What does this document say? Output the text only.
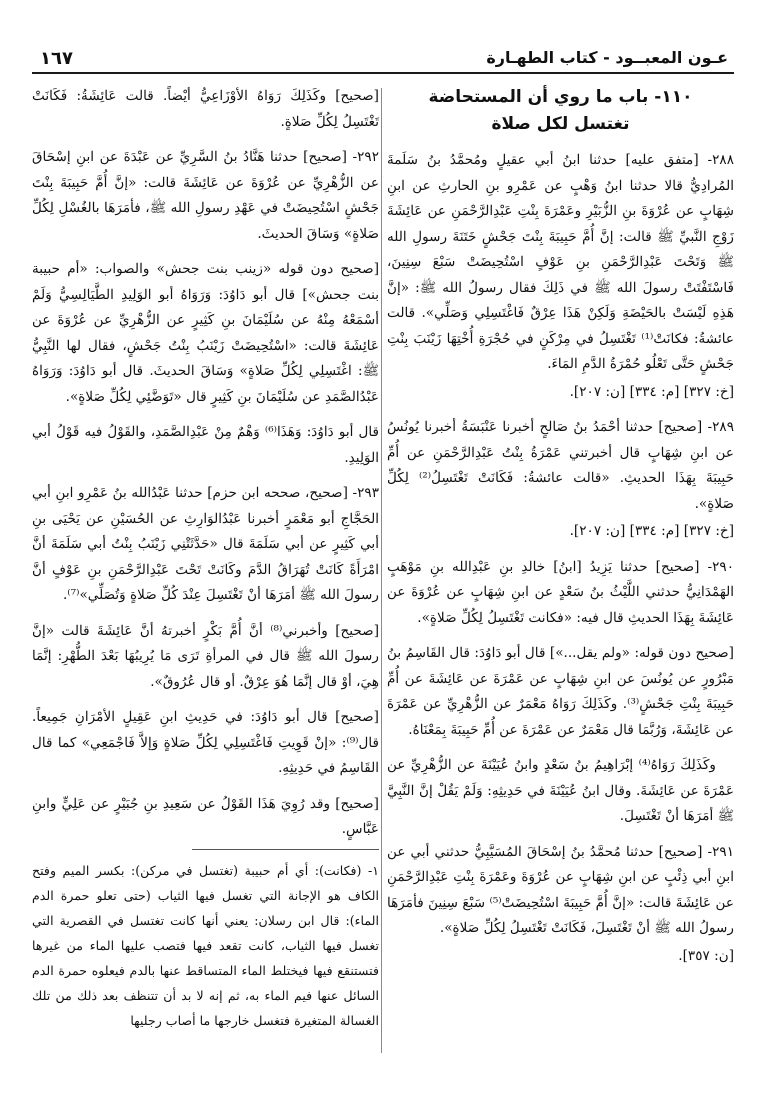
١٦٧	عـون المعبــود - كتاب الطهـارة
١١٠- باب ما روي أن المستحاضة تغتسل لكل صلاة

٢٨٨- [متفق عليه] حدثنا ابنُ أبي عقيلٍ ومُحمَّدُ بنُ سَلَمةَ المُرادِيُّ قالا حدثنا ابنُ وَهْبٍ عن عَمْرِو بنِ الحارثِ عن ابنِ شِهَابٍ عن عُرْوَةَ بنِ الزُّبَيْرِ وعَمْرَةَ بِنْتِ عَبْدِالرَّحْمَنِ عن عَائِشَةَ زَوْجِ النَّبيِّ ﷺ قالت: إنَّ أُمَّ حَبِيبَةَ بِنْتَ جَحْشٍ خَتَنَةَ رسولِ الله ﷺ وَتَحْتَ عَبْدِالرَّحْمَنِ بنِ عَوْفٍ اسْتُحِيضَتْ سَبْعَ سِنِينَ، فَاسْتَفْتَتْ رسولَ الله ﷺ في ذَلِكَ فقال رسولُ الله ﷺ: «إنَّ هَذِهِ لَيْسَتْ بالحَيْضَةِ وَلَكِنْ هَذَا عِرْقٌ فَاغْتَسِلِي وَصَلِّي». قالت عائشةُ: فكانَتْ⁽¹⁾ تَغْتَسِلُ في مِرْكَنٍ في حُجْرَةِ أُخْتِهَا زَيْنَبَ بِنْتِ جَحْشٍ حَتَّى تَعْلُو حُمْرَةُ الدَّمِ المَاءَ.

[خ: ٣٢٧] [م: ٣٣٤] [ن: ٢٠٧].

٢٨٩- [صحيح] حدثنا أحْمَدُ بنُ صَالحٍ أخبرنا عَنْبَسَةُ أخبرنا يُونُسُ عن ابنِ شِهَابٍ قال أخبرتني عَمْرَةُ بِنْتُ عَبْدِالرَّحْمَنِ عن أُمِّ حَبِيبَةَ بِهَذَا الحديثِ. «قالت عائشةُ: فَكَانَتْ تَغْتَسِلُ⁽²⁾ لِكُلِّ صَلاةٍ».

[خ: ٣٢٧] [م: ٣٣٤] [ن: ٢٠٧].

٢٩٠- [صحيح] حدثنا يَزِيدُ [ابنُ] خالدِ بنِ عَبْدِالله بنِ مَوْهَبٍ الهَمْدَانِيُّ حدثني اللَّيْثُ بنُ سَعْدٍ عن ابنِ شِهَابٍ عن عُرْوَةَ عن عَائِشَةَ بِهَذَا الحديثِ قال فيه: «فكانت تَغْتَسِلُ لِكُلِّ صَلاةٍ».

[صحيح دون قوله: «ولم يقل...»] قال أبو دَاوُدَ: قال القَاسِمُ بنُ مَبْرُورٍ عن يُونُسَ عن ابنِ شِهَابٍ عن عَمْرَةَ عن عَائِشَةَ عن أُمِّ حَبِيبَةَ بِنْتِ جَحْشٍ⁽³⁾. وكَذَلِكَ رَوَاهُ مَعْمَرٌ عن الزُّهْرِيِّ عن عَمْرَةَ عن عَائِشَةَ، وَرُبَّمَا قال مَعْمَرٌ عن عَمْرَةَ عن أُمِّ حَبِيبَةَ بِمَعْنَاهُ.

وكَذَلِكَ رَوَاهُ⁽⁴⁾ إبْرَاهِيمُ بنُ سَعْدٍ وابنُ عُيَيْنَةَ عن الزُّهْرِيِّ عن عَمْرَةَ عن عَائِشَةَ. وقال ابنُ عُيَيْنَةَ في حَدِيثِهِ: وَلَمْ يَقُلْ إنَّ النَّبِيَّ ﷺ أمَرَهَا أنْ تَغْتَسِلَ.

٢٩١- [صحيح] حدثنا مُحمَّدُ بنُ إسْحَاقَ المُسَيَّبِيُّ حدثني أبي عن ابنِ أبي ذِئْبٍ عن ابنِ شِهَابٍ عن عُرْوَةَ وعَمْرَةَ بِنْتِ عَبْدِالرَّحْمَنِ عن عَائِشَةَ قالت: «إنَّ أُمَّ حَبِيبَةَ اسْتُحِيضَتْ⁽⁵⁾ سَبْعَ سِنِينَ فأمَرَهَا رسولُ الله ﷺ أنْ تَغْتَسِلَ، فَكَانَتْ تَغْتَسِلُ لِكُلِّ صَلاةٍ».

[ن: ٣٥٧].

[صحيح] وكَذَلِكَ رَوَاهُ الأوْزَاعِيُّ أيْضاً. قالت عَائِشَةُ: فَكَانَتْ تَغْتَسِلُ لِكُلِّ صَلاةٍ.

٢٩٢- [صحيح] حدثنا هَنَّادُ بنُ السَّرِيِّ عن عَبْدَةَ عن ابنِ إسْحَاقَ عن الزُّهْرِيِّ عن عُرْوَةَ عن عَائِشَةَ قالت: «إنَّ أُمَّ حَبِيبَةَ بِنْتَ جَحْشٍ اسْتُحِيضَتْ في عَهْدِ رسولِ الله ﷺ، فأمَرَهَا بالغُسْلِ لِكُلِّ صَلاةٍ» وَسَاقَ الحديثَ.

[صحيح دون قوله «زينب بنت جحش» والصواب: «أم حبيبة بنت جحش»] قال أبو دَاوُدَ: وَرَوَاهُ أبو الوَلِيدِ الطَّيَالِسِيُّ وَلَمْ أسْمَعْهُ مِنْهُ عن سُلَيْمَانَ بنِ كَثِيرٍ عن الزُّهْرِيِّ عن عُرْوَةَ عن عَائِشَةَ قالت: «اسْتُحِيضَتْ زَيْنَبُ بِنْتُ جَحْشٍ، فقال لها النَّبِيُّ ﷺ: اغْتَسِلِي لِكُلِّ صَلاةٍ» وَسَاقَ الحديثَ. قال أبو دَاوُدَ: وَرَوَاهُ عَبْدُالصَّمَدِ عن سُلَيْمَانَ بنِ كَثِيرٍ قال «تَوَضَّئِي لِكُلِّ صَلاةٍ».

قال أبو دَاوُدَ: وَهَذَا⁽⁶⁾ وَهْمٌ مِنْ عَبْدِالصَّمَدِ، والقَوْلُ فيه قَوْلُ أبي الوَلِيدِ.

٢٩٣- [صحيح، صححه ابن حزم] حدثنا عَبْدُالله بنُ عَمْرِو ابنِ أبي الحَجَّاجِ أبو مَعْمَرٍ أخبرنا عَبْدُالوَارِثِ عن الحُسَيْنِ عن يَحْيَى بنِ أبي كَثِيرٍ عن أبي سَلَمَةَ قال «حَدَّثَتْنِي زَيْنَبُ بِنْتُ أبي سَلَمَةَ أنَّ امْرَأَةً كَانَتْ تُهَرَاقُ الدَّمَ وكَانَتْ تَحْتَ عَبْدِالرَّحْمَنِ بنِ عَوْفٍ أنَّ رسولَ الله ﷺ أمَرَهَا أنْ تَغْتَسِلَ عِنْدَ كُلِّ صَلاةٍ وَتُصَلِّي»⁽⁷⁾.

[صحيح] وأخبرني⁽⁸⁾ أنَّ أُمَّ بَكْرٍ أخبرتهُ أنَّ عَائِشَةَ قالت «إنَّ رسولَ الله ﷺ قال في المرأةِ تَرَى مَا يُرِيبُهَا بَعْدَ الطُّهْرِ: إنَّمَا هِيَ، أوْ قال إنَّمَا هُوَ عِرْقٌ. أو قال عُرُوقٌ».

[صحيح] قال أبو دَاوُدَ: في حَدِيثِ ابنِ عَقِيلٍ الأمْرَانِ جَمِيعاً. قال⁽⁹⁾: «إنْ قَوِيتِ فَاغْتَسِلِي لِكُلِّ صَلاةٍ وَإلاَّ فَاجْمَعِي» كما قال القَاسِمُ في حَدِيثِهِ.

[صحيح] وقد رُوِيَ هَذَا القَوْلُ عن سَعِيدِ بنِ جُبَيْرٍ عن عَلِيٍّ وابنِ عَبَّاسٍ.

١- (فكانت): أي أم حبيبة (تغتسل في مركن): بكسر الميم وفتح الكاف هو الإجانة التي تغسل فيها الثياب (حتى تعلو حمرة الدم الماء): قال ابن رسلان: يعني أنها كانت تغتسل في القصرية التي تغسل فيها الثياب، كانت تقعد فيها فتصب عليها الماء من غيرها فتستنقع فيها فيختلط الماء المتساقط عنها بالدم فيعلوه حمرة الدم السائل عنها فيم الماء به، ثم إنه لا بد أن تتنظف بعد ذلك من تلك الغسالة المتغيرة فتغسل خارجها ما أصاب رجليها
